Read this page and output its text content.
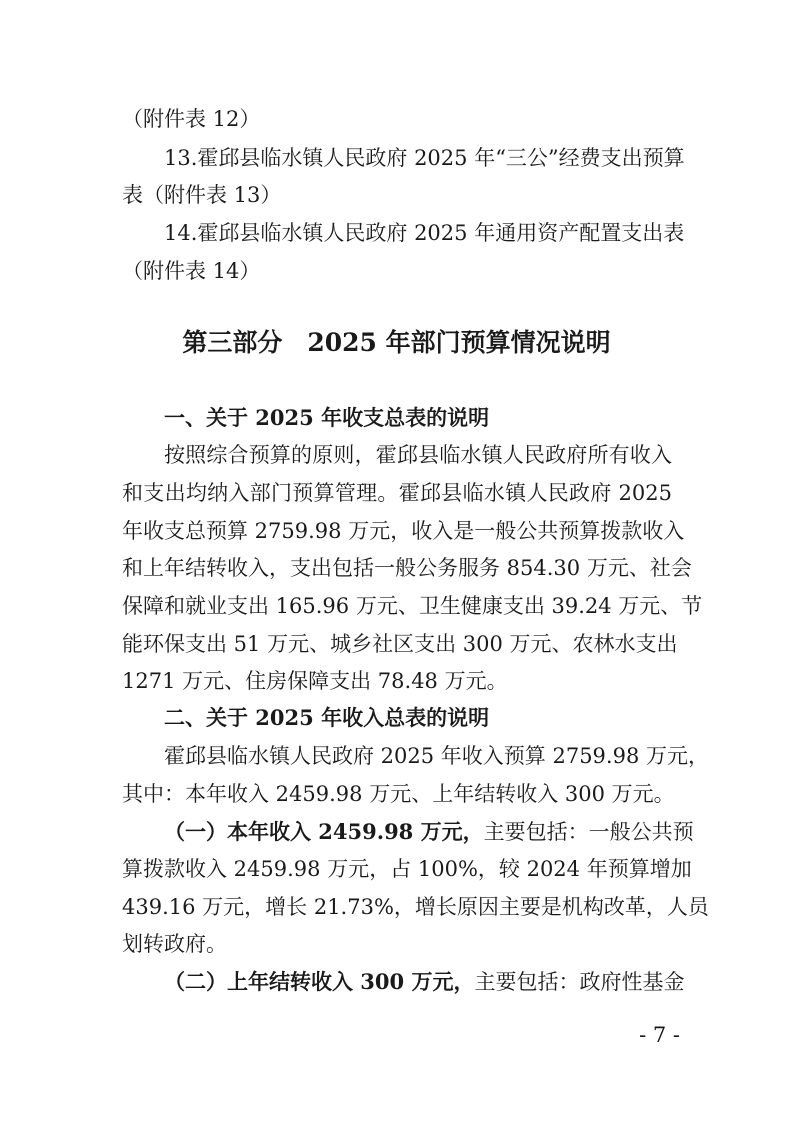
（附件表 12）
13.霍邱县临水镇人民政府 2025 年“三公”经费支出预算
表（附件表 13）
14.霍邱县临水镇人民政府 2025 年通用资产配置支出表
（附件表 14）
第三部分　2025 年部门预算情况说明
一、关于 2025 年收支总表的说明
按照综合预算的原则，霍邱县临水镇人民政府所有收入
和支出均纳入部门预算管理。霍邱县临水镇人民政府 2025
年收支总预算 2759.98 万元，收入是一般公共预算拨款收入
和上年结转收入，支出包括一般公务服务 854.30 万元、社会
保障和就业支出 165.96 万元、卫生健康支出 39.24 万元、节
能环保支出 51 万元、城乡社区支出 300 万元、农林水支出
1271 万元、住房保障支出 78.48 万元。
二、关于 2025 年收入总表的说明
霍邱县临水镇人民政府 2025 年收入预算 2759.98 万元，
其中：本年收入 2459.98 万元、上年结转收入 300 万元。
（一）本年收入 2459.98 万元， 主要包括：一般公共预
算拨款收入 2459.98 万元，占 100%，较 2024 年预算增加
439.16 万元，增长 21.73%，增长原因主要是机构改革，人员
划转政府。
（二）上年结转收入 300 万元， 主要包括：政府性基金
- 7 -
